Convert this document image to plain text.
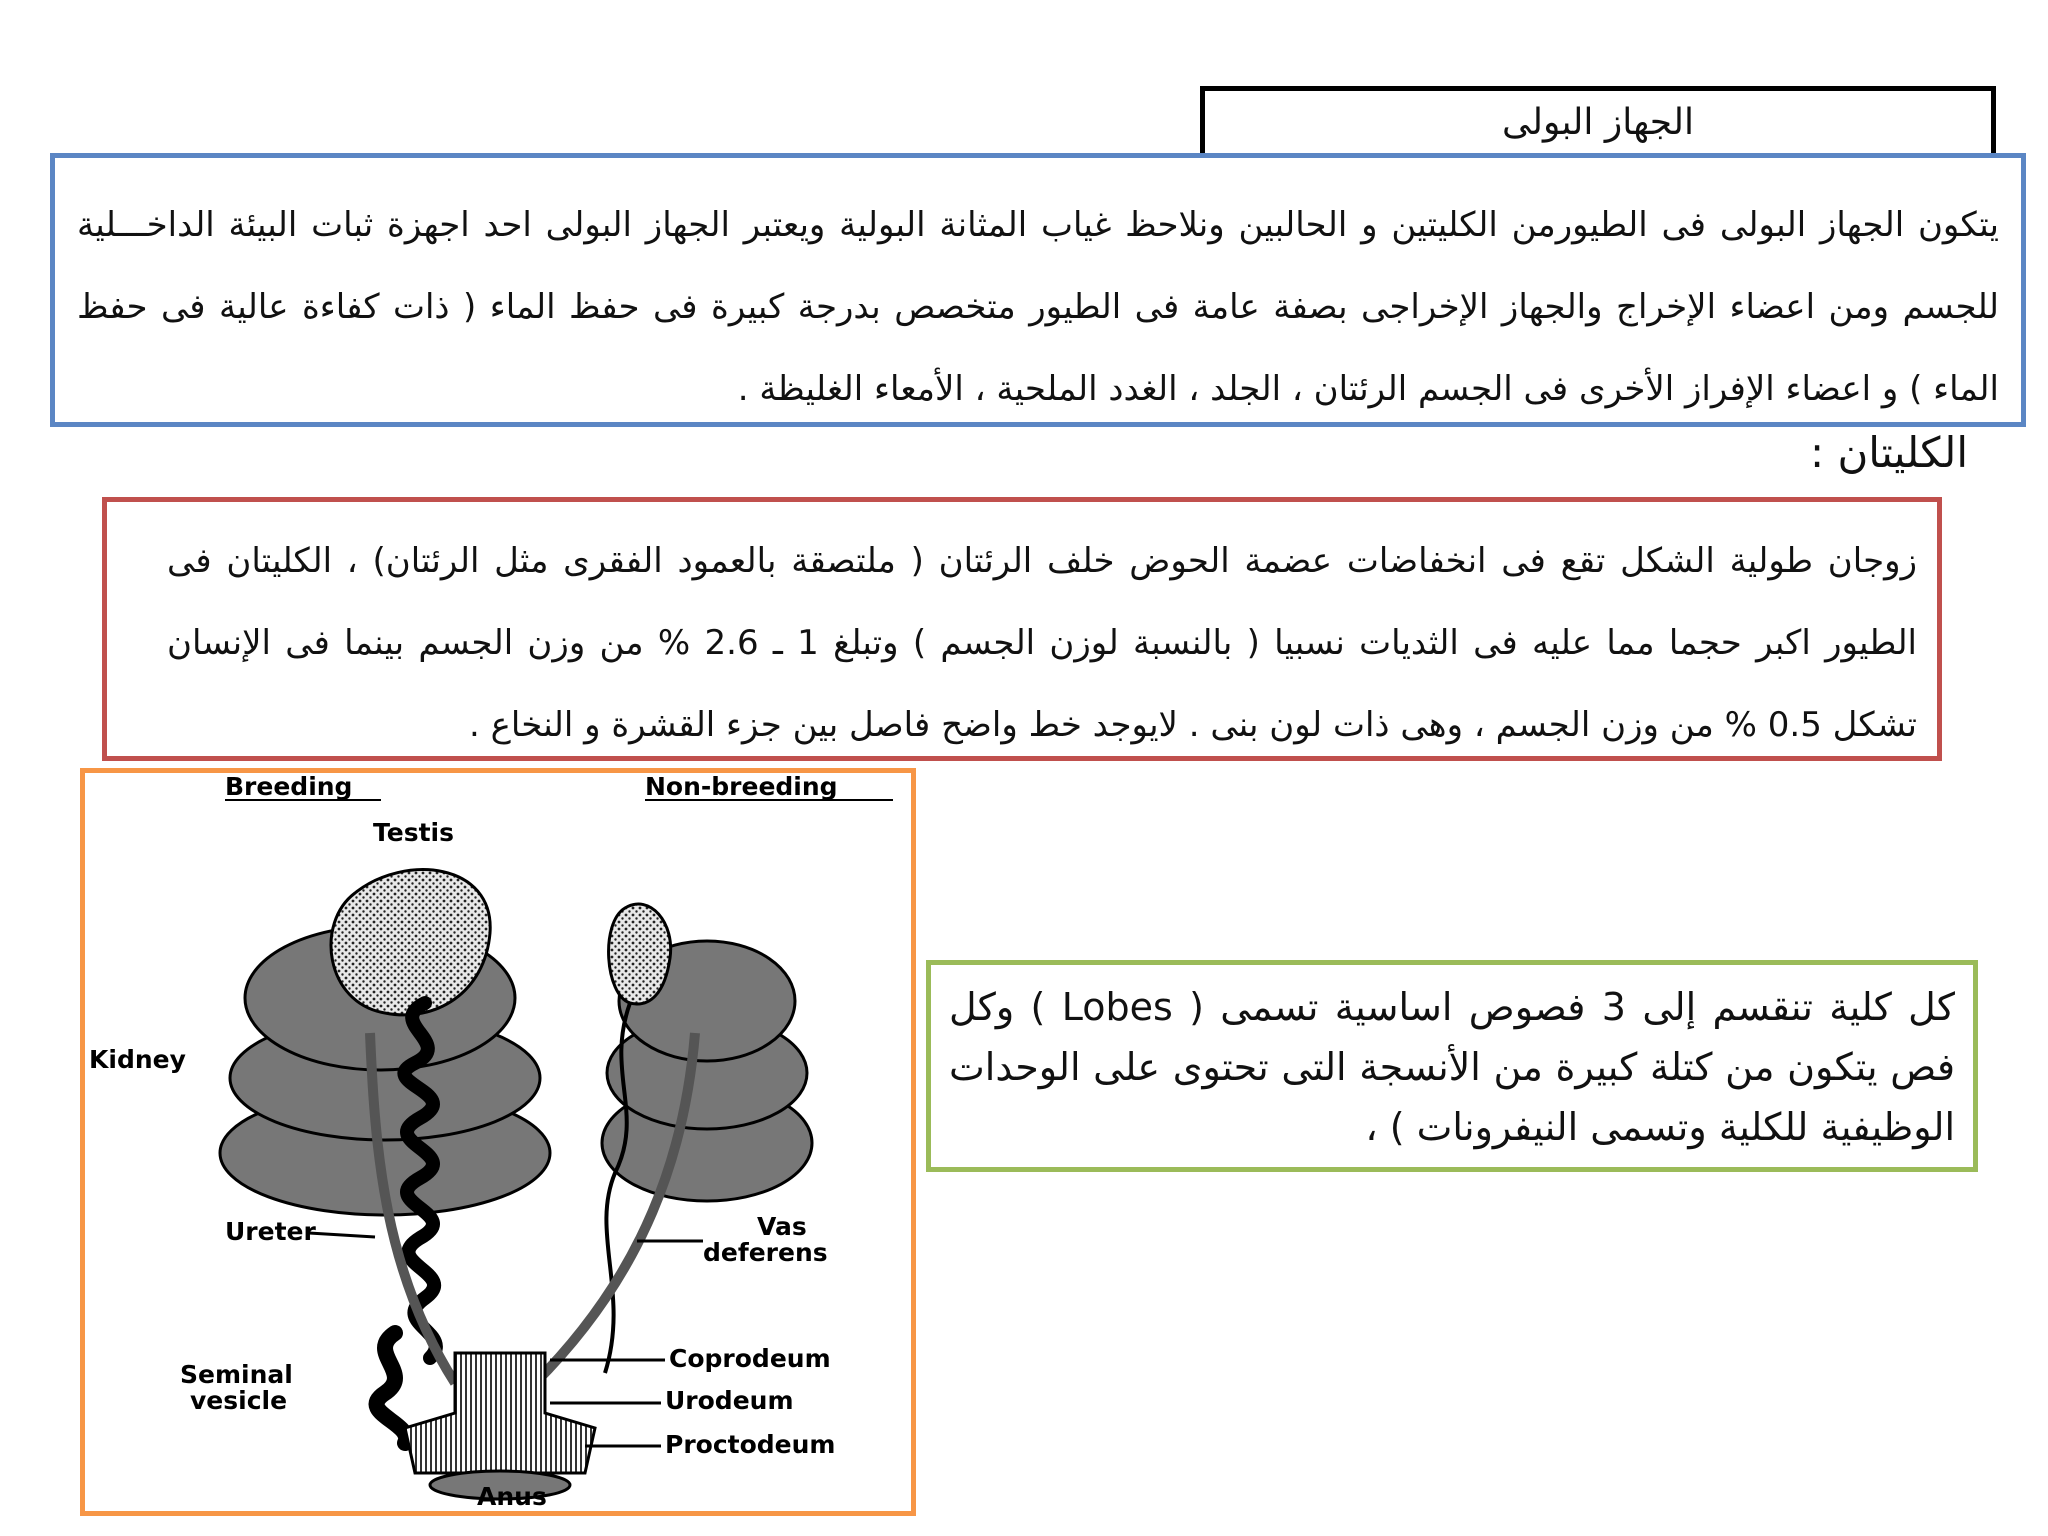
الجهاز البولى
يتكون الجهاز البولى فى الطيورمن الكليتين و الحالبين ونلاحظ غياب المثانة البولية ويعتبر الجهاز البولى احد اجهزة ثبات البيئة الداخـــلية للجسم ومن اعضاء الإخراج والجهاز الإخراجى بصفة عامة فى الطيور متخصص بدرجة كبيرة فى حفظ الماء ( ذات كفاءة عالية فى حفظ الماء ) و اعضاء الإفراز الأخرى فى الجسم الرئتان ، الجلد ، الغدد الملحية ، الأمعاء الغليظة .
الكليتان :
زوجان طولية الشكل تقع فى انخفاضات عضمة الحوض خلف الرئتان ( ملتصقة بالعمود الفقرى مثل الرئتان) ، الكليتان فى الطيور اكبر حجما مما عليه فى الثديات نسبيا ( بالنسبة لوزن الجسم ) وتبلغ 1 ـ 2.6 % من وزن الجسم بينما فى الإنسان تشكل 0.5 % من وزن الجسم ، وهى ذات لون بنى . لايوجد خط واضح فاصل بين جزء القشرة و النخاع .
كل كلية تنقسم إلى 3 فصوص اساسية تسمى ( Lobes ) وكل فص يتكون من كتلة كبيرة من الأنسجة التى تحتوى على الوحدات الوظيفية للكلية وتسمى النيفرونات ) ،
Breeding	Non-breeding
Testis
Kidney
Ureter	Vas
deferens
Seminal
vesicle
Coprodeum
Urodeum
Proctodeum
Anus
